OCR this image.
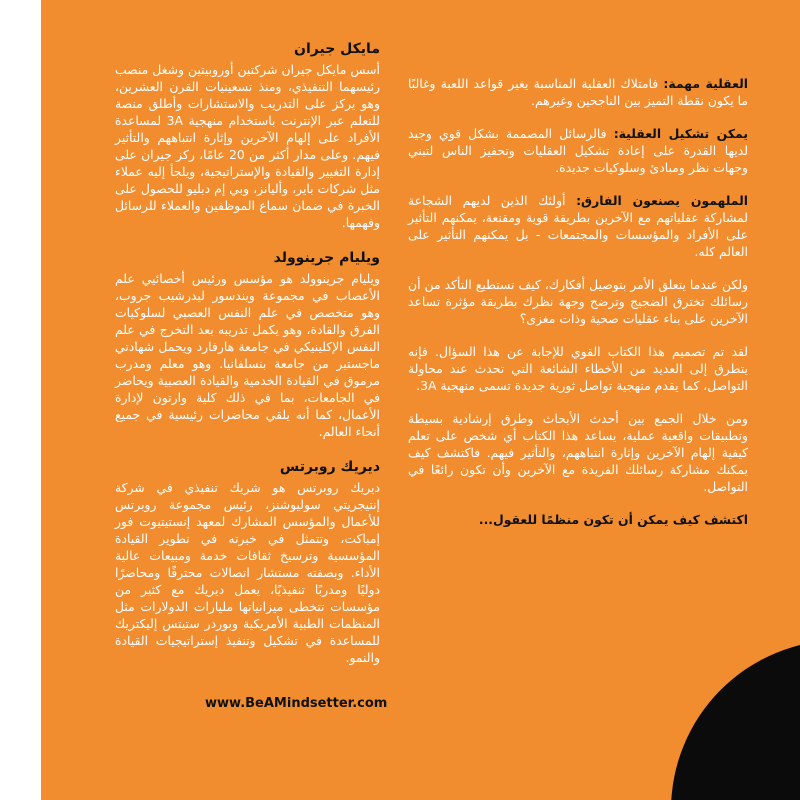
العقلية مهمة: فامتلاك العقلية المناسبة يغير قواعد اللعبة وغالبًا ما يكون نقطة التميز بين الناجحين وغيرهم.

يمكن تشكيل العقلية: فالرسائل المصممة بشكل قوي وجيد لديها القدرة على إعادة تشكيل العقليات وتحفيز الناس لتبني وجهات نظر ومبادئ وسلوكيات جديدة.

الملهمون يصنعون الفارق: أولئك الذين لديهم الشجاعة لمشاركة عقلياتهم مع الآخرين بطريقة قوية ومقنعة، يمكنهم التأثير على الأفراد والمؤسسات والمجتمعات - بل يمكنهم التأثير على العالم كله.

ولكن عندما يتعلق الأمر بتوصيل أفكارك، كيف تستطيع التأكد من أن رسائلك تخترق الضجيج وترضح وجهة نظرك بطريقة مؤثرة تساعد الآخرين على بناء عقليات صحية وذات مغزى؟

لقد تم تصميم هذا الكتاب القوي للإجابة عن هذا السؤال. فإنه يتطرق إلى العديد من الأخطاء الشائعة التي تحدث عند محاولة التواصل، كما يقدم منهجية تواصل ثورية جديدة تسمى منهجية 3A.

ومن خلال الجمع بين أحدث الأبحاث وطرق إرشادية بسيطة وتطبيقات واقعية عملية، يساعد هذا الكتاب أي شخص على تعلم كيفية إلهام الآخرين وإثارة انتباههم، والتأثير فيهم. فاكتشف كيف يمكنك مشاركة رسائلك الفريدة مع الآخرين وأن تكون رائعًا في التواصل.

اكتشف كيف يمكن أن تكون منظمًا للعقول...
مايكل جيران
أسس مايكل جيران شركتين أوروبيتين وشغل منصب رئيسهما التنفيذي، ومنذ تسعينيات القرن العشرين، وهو يركز على التدريب والاستشارات وأطلق منصة للتعلم عبر الإنترنت باستخدام منهجية 3A لمساعدة الأفراد على إلهام الآخرين وإثارة انتباههم والتأثير فيهم. وعلى مدار أكثر من 20 عامًا، ركز جيران على إدارة التغيير والقيادة والإستراتيجية، ويلجأ إليه عملاء مثل شركات باير، وأليانز، وبي إم دبليو للحصول على الخبرة في ضمان سماع الموظفين والعملاء للرسائل وفهمها.
ويليام جرينوولد
ويليام جرينوولد هو مؤسس ورئيس أخصائيي علم الأعصاب في مجموعة ويندسور ليدرشيب جروب، وهو متخصص في علم النفس العصبي لسلوكيات الفرق والقادة، وهو يكمل تدريبه بعد التخرج في علم النفس الإكلينيكي في جامعة هارفارد ويحمل شهادتي ماجستير من جامعة بنسلفانيا. وهو معلم ومدرب مرموق في القيادة الخدمية والقيادة العصبية ويحاضر في الجامعات، بما في ذلك كلية وارتون لإدارة الأعمال، كما أنه يلقي محاضرات رئيسية في جميع أنحاء العالم.
ديريك روبرتس
ديريك روبرتس هو شريك تنفيذي في شركة إنتيجريتي سوليوشنز، رئيس مجموعة روبرتس للأعمال والمؤسس المشارك لمعهد إنستيتيوت فور إمباكت، وتتمثل في خبرته في تطوير القيادة المؤسسية وترسيخ ثقافات خدمة ومبيعات عالية الأداء. وبصفته مستشار اتصالات محترفًا ومحاضرًا دوليًا ومدربًا تنفيذيًا، يعمل ديريك مع كثير من مؤسسات تتخطى ميزانياتها مليارات الدولارات مثل المنظمات الطبية الأمريكية وبوردر ستيتس إليكتريك للمساعدة في تشكيل وتنفيذ إستراتيجيات القيادة والنمو.
www.BeAMindsetter.com
